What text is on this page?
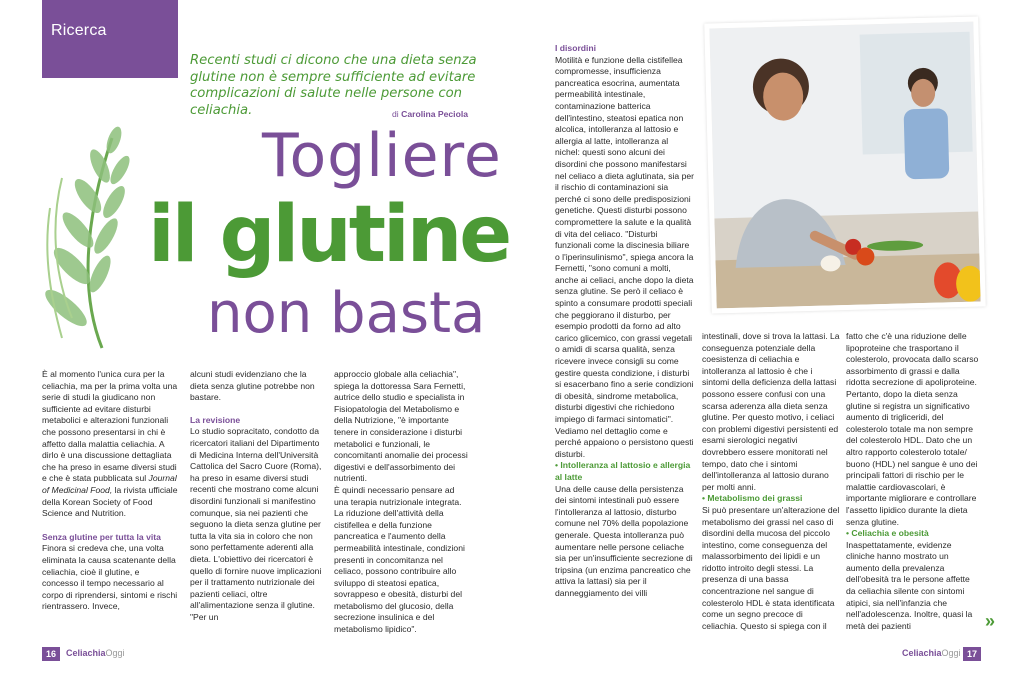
Ricerca
Recenti studi ci dicono che una dieta senza glutine non è sempre sufficiente ad evitare complicazioni di salute nelle persone con celiachia.	di Carolina Peciola
Togliere
il glutine
non basta

È al momento l'unica cura per la celiachia, ma per la prima volta una serie di studi la giudicano non sufficiente ad evitare disturbi metabolici e alterazioni funzionali che possono presentarsi in chi è affetto dalla malattia celiachia. A dirlo è una discussione dettagliata che ha preso in esame diversi studi e che è stata pubblicata sul Journal of Medicinal Food, la rivista ufficiale della Korean Society of Food Science and Nutrition.

Senza glutine per tutta la vita

Finora si credeva che, una volta eliminata la causa scatenante della celiachia, cioè il glutine, e concesso il tempo necessario al corpo di riprendersi, sintomi e rischi rientrassero. Invece,

alcuni studi evidenziano che la dieta senza glutine potrebbe non bastare.

La revisione

Lo studio sopracitato, condotto da ricercatori italiani del Dipartimento di Medicina Interna dell'Università Cattolica del Sacro Cuore (Roma), ha preso in esame diversi studi recenti che mostrano come alcuni disordini funzionali si manifestino comunque, sia nei pazienti che seguono la dieta senza glutine per tutta la vita sia in coloro che non sono perfettamente aderenti alla dieta. L'obiettivo dei ricercatori è quello di fornire nuove implicazioni per il trattamento nutrizionale dei pazienti celiaci, oltre all'alimentazione senza il glutine. "Per un

approccio globale alla celiachia", spiega la dottoressa Sara Fernetti, autrice dello studio e specialista in Fisiopatologia del Metabolismo e della Nutrizione, "è importante tenere in considerazione i disturbi metabolici e funzionali, le concomitanti anomalie dei processi digestivi e dell'assorbimento dei nutrienti.

È quindi necessario pensare ad una terapia nutrizionale integrata. La riduzione dell'attività della cistifellea e della funzione pancreatica e l'aumento della permeabilità intestinale, condizioni presenti in concomitanza nel celiaco, possono contribuire allo sviluppo di steatosi epatica, sovrappeso e obesità, disturbi del metabolismo del glucosio, della secrezione insulinica e del metabolismo lipidico".

I disordini

Motilità e funzione della cistifellea compromesse, insufficienza pancreatica esocrina, aumentata permeabilità intestinale, contaminazione batterica dell'intestino, steatosi epatica non alcolica, intolleranza al lattosio e allergia al latte, intolleranza al nichel: questi sono alcuni dei disordini che possono manifestarsi nel celiaco a dieta aglutinata, sia per il rischio di contaminazioni sia perché ci sono delle predisposizioni genetiche. Questi disturbi possono compromettere la salute e la qualità di vita del celiaco. "Disturbi funzionali come la discinesia biliare o l'iperinsulinismo", spiega ancora la Fernetti, "sono comuni a molti, anche ai celiaci, anche dopo la dieta senza glutine. Se però il celiaco è spinto a consumare prodotti speciali che peggiorano il disturbo, per esempio prodotti da forno ad alto carico glicemico, con grassi vegetali o amidi di scarsa qualità, senza ricevere invece consigli su come gestire questa condizione, i disturbi si esacerbano fino a serie condizioni di obesità, sindrome metabolica, disturbi digestivi che richiedono impiego di farmaci sintomatici". Vediamo nel dettaglio come e perché appaiono o persistono questi disturbi.

• Intolleranza al lattosio e allergia al latte

Una delle cause della persistenza dei sintomi intestinali può essere l'intolleranza al lattosio, disturbo comune nel 70% della popolazione generale. Questa intolleranza può aumentare nelle persone celiache sia per un'insufficiente secrezione di tripsina (un enzima pancreatico che attiva la lattasi) sia per il danneggiamento dei villi

intestinali, dove si trova la lattasi. La conseguenza potenziale della coesistenza di celiachia e intolleranza al lattosio è che i sintomi della deficienza della lattasi possono essere confusi con una scarsa aderenza alla dieta senza glutine. Per questo motivo, i celiaci con problemi digestivi persistenti ed esami sierologici negativi dovrebbero essere monitorati nel tempo, dato che i sintomi dell'intolleranza al lattosio durano per molti anni.

• Metabolismo dei grassi

Si può presentare un'alterazione del metabolismo dei grassi nel caso di disordini della mucosa del piccolo intestino, come conseguenza del malassorbimento dei lipidi e un ridotto introito degli stessi. La presenza di una bassa concentrazione nel sangue di colesterolo HDL è stata identificata come un segno precoce di celiachia. Questo si spiega con il

fatto che c'è una riduzione delle lipoproteine che trasportano il colesterolo, provocata dallo scarso assorbimento di grassi e dalla ridotta secrezione di apoliproteine. Pertanto, dopo la dieta senza glutine si registra un significativo aumento di trigliceridi, del colesterolo totale ma non sempre del colesterolo HDL. Dato che un altro rapporto colesterolo totale/ buono (HDL) nel sangue è uno dei principali fattori di rischio per le malattie cardiovascolari, è importante migliorare e controllare l'assetto lipidico durante la dieta senza glutine.

• Celiachia e obesità

Inaspettatamente, evidenze cliniche hanno mostrato un aumento della prevalenza dell'obesità tra le persone affette da celiachia silente con sintomi atipici, sia nell'infanzia che nell'adolescenza. Inoltre, quasi la metà dei pazienti	»
16	CeliachiaOggi	CeliachiaOggi 17
